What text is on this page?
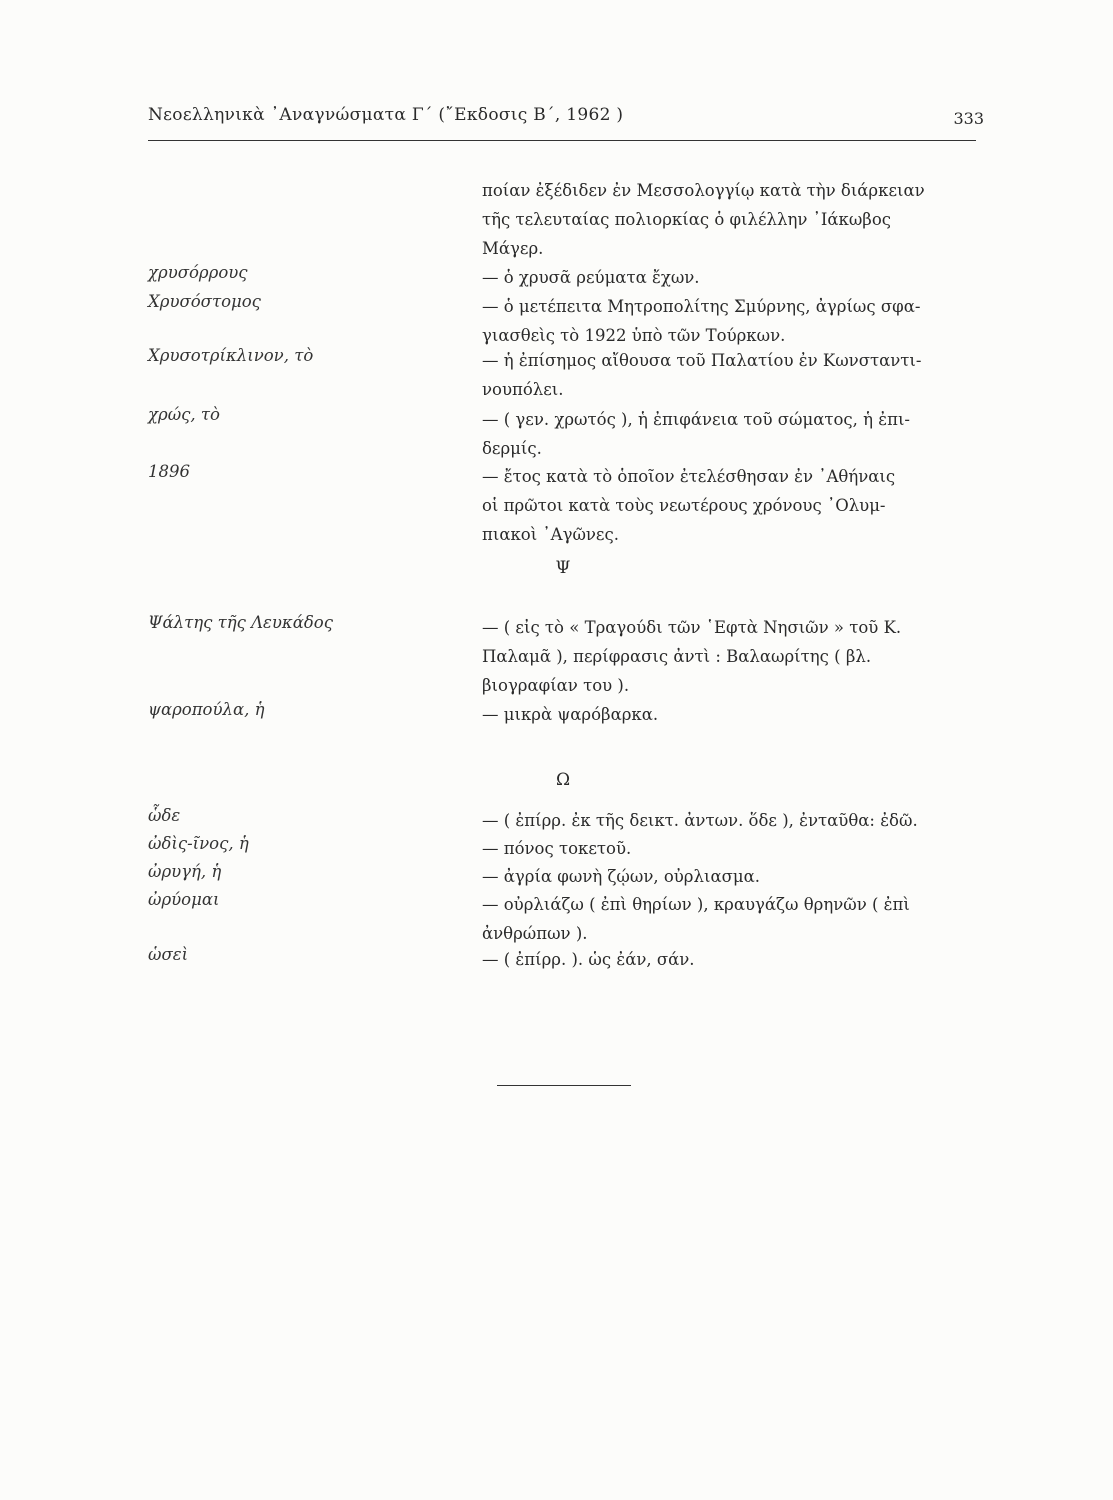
Νεοελληνικὰ ᾿Αναγνώσματα Γ΄ (῎Εκδοσις Β΄, 1962 )	333
ποίαν ἐξέδιδεν ἐν Μεσσολογγίῳ κατὰ τὴν διάρκειαν
τῆς τελευταίας πολιορκίας ὁ φιλέλλην ᾿Ιάκωβος
Μάγερ.
χρυσόρρους	— ὁ χρυσᾶ ρεύματα ἔχων.
Χρυσόστομος	— ὁ μετέπειτα Μητροπολίτης Σμύρνης, ἀγρίως σφα-
γιασθεὶς τὸ 1922 ὑπὸ τῶν Τούρκων.
Χρυσοτρίκλινον, τὸ	— ἡ ἐπίσημος αἴθουσα τοῦ Παλατίου ἐν Κωνσταντι-
νουπόλει.
χρώς, τὸ	— ( γεν. χρωτός ), ἡ ἐπιφάνεια τοῦ σώματος, ἡ ἐπι-
δερμίς.
1896	— ἔτος κατὰ τὸ ὁποῖον ἐτελέσθησαν ἐν ᾿Αθήναις
οἱ πρῶτοι κατὰ τοὺς νεωτέρους χρόνους ᾿Ολυμ-
πιακοὶ ᾿Αγῶνες.
Ψ
Ψάλτης τῆς Λευκάδος	— ( εἰς τὸ « Τραγούδι τῶν ῾Εφτὰ Νησιῶν » τοῦ Κ.
Παλαμᾶ ), περίφρασις ἀντὶ : Βαλαωρίτης ( βλ.
βιογραφίαν του ).
ψαροπούλα, ἡ	— μικρὰ ψαρόβαρκα.
Ω
ὧδε	— ( ἐπίρρ. ἐκ τῆς δεικτ. ἀντων. ὅδε ), ἐνταῦθα: ἐδῶ.
ὠδὶς-ῖνος, ἡ	— πόνος τοκετοῦ.
ὠρυγή, ἡ	— ἀγρία φωνὴ ζῴων, οὐρλιασμα.
ὠρύομαι	— οὐρλιάζω ( ἐπὶ θηρίων ), κραυγάζω θρηνῶν ( ἐπὶ
ἀνθρώπων ).
ὡσεὶ	— ( ἐπίρρ. ). ὡς ἐάν, σάν.
